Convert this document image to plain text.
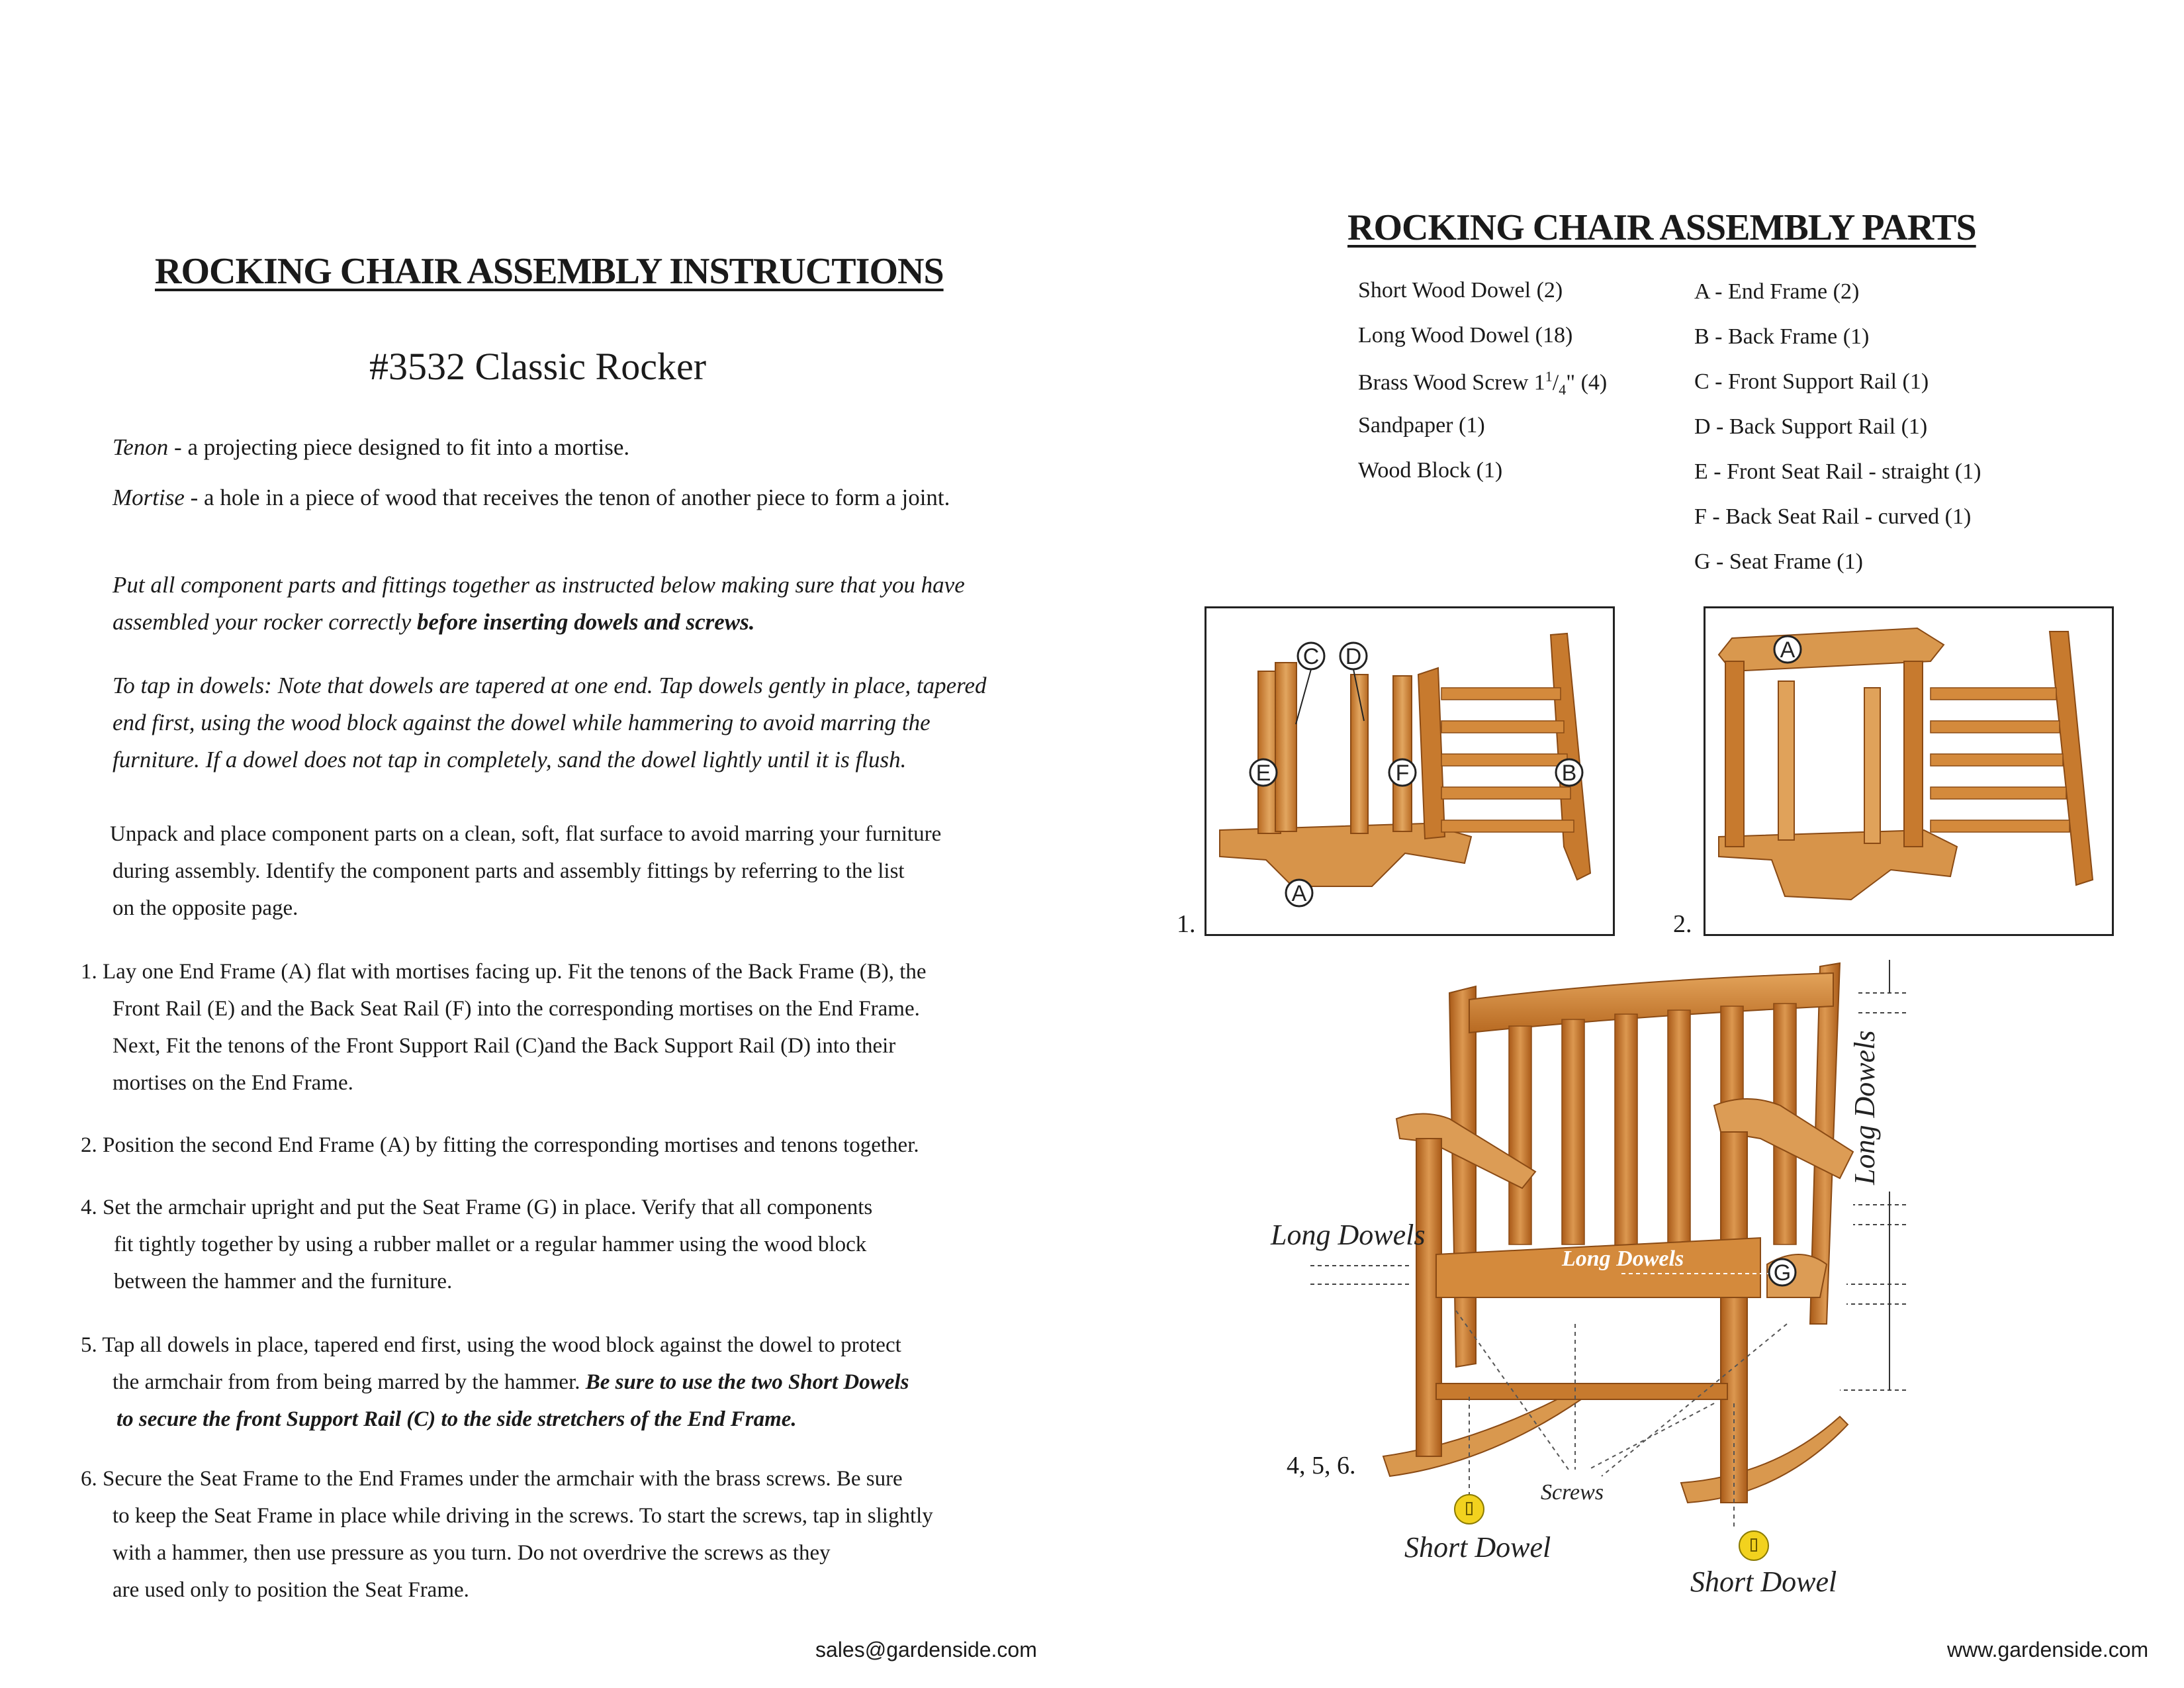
ROCKING CHAIR ASSEMBLY INSTRUCTIONS
#3532 Classic Rocker
Tenon - a projecting piece designed to fit into a mortise.
Mortise - a hole in a piece of wood that receives the tenon of another piece to form a joint.
Put all component parts and fittings together as instructed below making sure that you have
assembled your rocker correctly before inserting dowels and screws.
To tap in dowels: Note that dowels are tapered at one end. Tap dowels gently in place, tapered
end first, using the wood block against the dowel while hammering to avoid marring the
furniture. If a dowel does not tap in completely, sand the dowel lightly until it is flush.
Unpack and place component parts on a clean, soft, flat surface to avoid marring your furniture
during assembly. Identify the component parts and assembly fittings by referring to the list
on the opposite page.
1. Lay one End Frame (A) flat with mortises facing up. Fit the tenons of the Back Frame (B), the
Front Rail (E) and the Back Seat Rail (F) into the corresponding mortises on the End Frame.
Next, Fit the tenons of the Front Support Rail (C)and the Back Support Rail (D) into their
mortises on the End Frame.
2. Position the second End Frame (A) by fitting the corresponding mortises and tenons together.
4. Set the armchair upright and put the Seat Frame (G) in place. Verify that all components
fit tightly together by using a rubber mallet or a regular hammer using the wood block
between the hammer and the furniture.
5. Tap all dowels in place, tapered end first, using the wood block against the dowel to protect
the armchair from from being marred by the hammer. Be sure to use the two Short Dowels
to secure the front Support Rail (C) to the side stretchers of the End Frame.
6. Secure the Seat Frame to the End Frames under the armchair with the brass screws. Be sure
to keep the Seat Frame in place while driving in the screws. To start the screws, tap in slightly
with a hammer, then use pressure as you turn. Do not overdrive the screws as they
are used only to position the Seat Frame.
sales@gardenside.com
ROCKING CHAIR ASSEMBLY PARTS
Short Wood Dowel (2)
Long Wood Dowel (18)
Brass Wood Screw $1^1/_4$" (4)
Sandpaper (1)
Wood Block (1)
A - End Frame (2)
B - Back Frame (1)
C - Front Support Rail (1)
D - Back Support Rail (1)
E - Front Seat Rail - straight (1)
F - Back Seat Rail - curved (1)
G - Seat Frame (1)
1.
C D
E	F	B
A
2.
A
4, 5, 6.
G
Long Dowels
Long Dowels
Long Dowels
Screws
Short Dowel
Short Dowel
www.gardenside.com
